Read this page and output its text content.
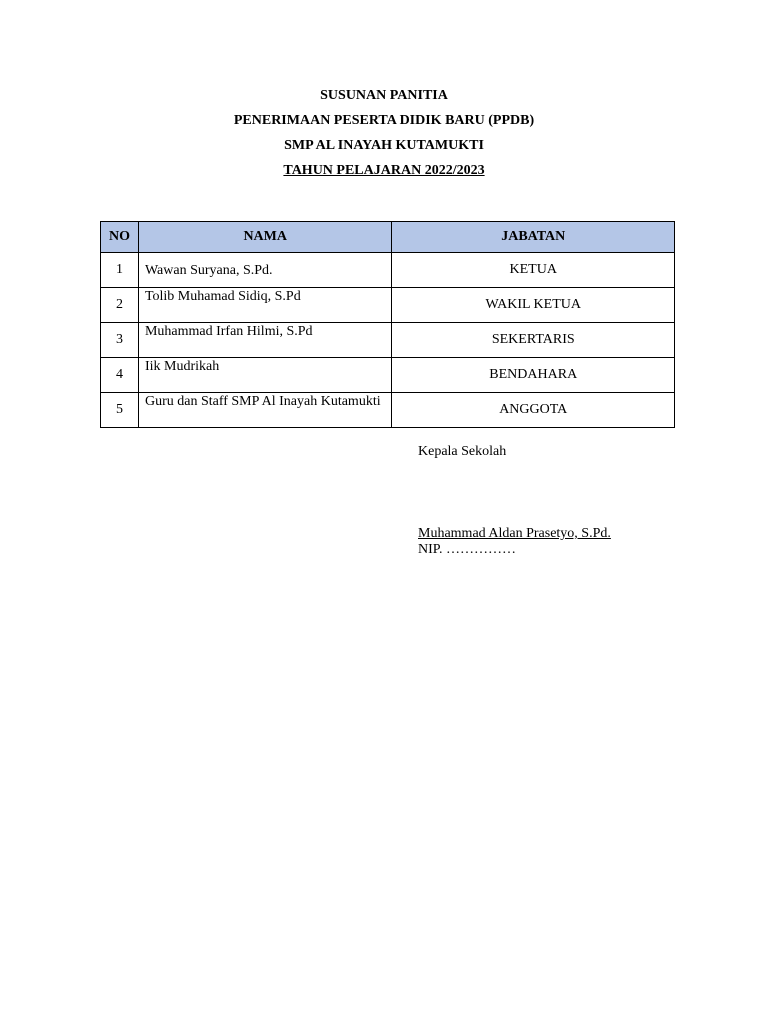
SUSUNAN PANITIA
PENERIMAAN PESERTA DIDIK BARU (PPDB)
SMP AL INAYAH KUTAMUKTI
TAHUN PELAJARAN 2022/2023
NO	NAMA	JABATAN
1	Wawan Suryana, S.Pd.	KETUA
2	Tolib Muhamad Sidiq, S.Pd	WAKIL KETUA
3	Muhammad Irfan Hilmi, S.Pd	SEKERTARIS
4	Iik Mudrikah	BENDAHARA
5	Guru dan Staff SMP Al Inayah Kutamukti	ANGGOTA
Kepala Sekolah
Muhammad Aldan Prasetyo, S.Pd.
NIP. ……………
